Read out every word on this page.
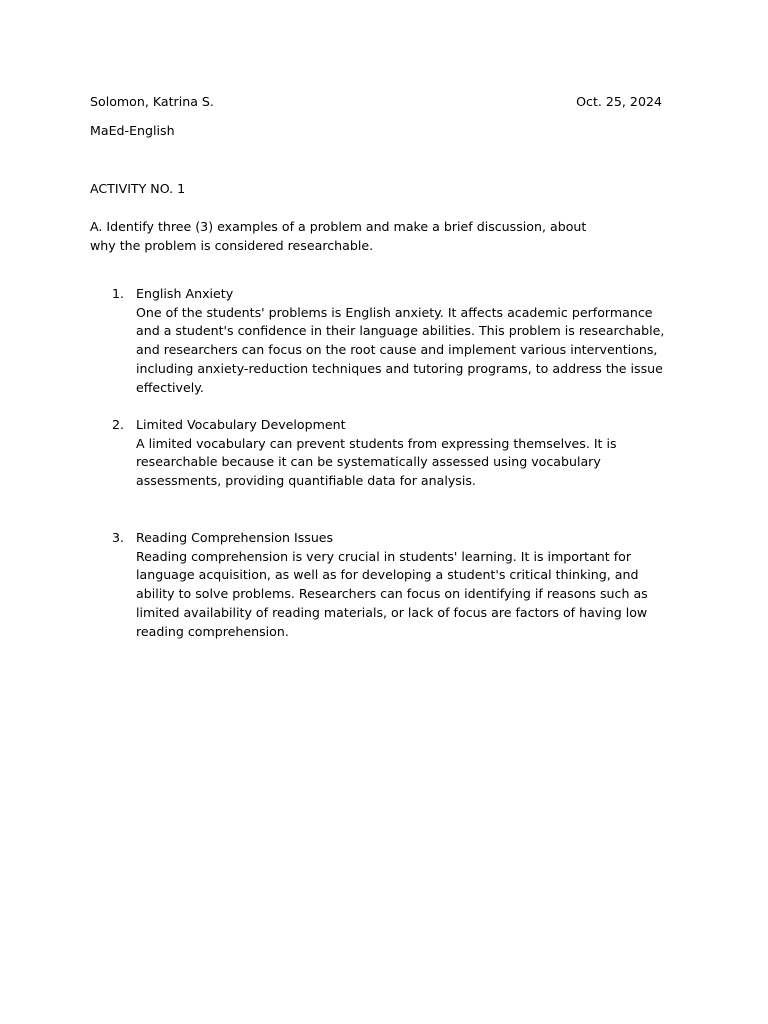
Solomon, Katrina S.	Oct. 25, 2024
MaEd-English
ACTIVITY NO. 1
A. Identify three (3) examples of a problem and make a brief discussion, about why the problem is considered researchable.
1. English Anxiety
One of the students' problems is English anxiety. It affects academic performance and a student's confidence in their language abilities. This problem is researchable, and researchers can focus on the root cause and implement various interventions, including anxiety-reduction techniques and tutoring programs, to address the issue effectively.
2. Limited Vocabulary Development
A limited vocabulary can prevent students from expressing themselves. It is researchable because it can be systematically assessed using vocabulary assessments, providing quantifiable data for analysis.
3. Reading Comprehension Issues
Reading comprehension is very crucial in students' learning. It is important for language acquisition, as well as for developing a student's critical thinking, and ability to solve problems. Researchers can focus on identifying if reasons such as limited availability of reading materials, or lack of focus are factors of having low reading comprehension.
